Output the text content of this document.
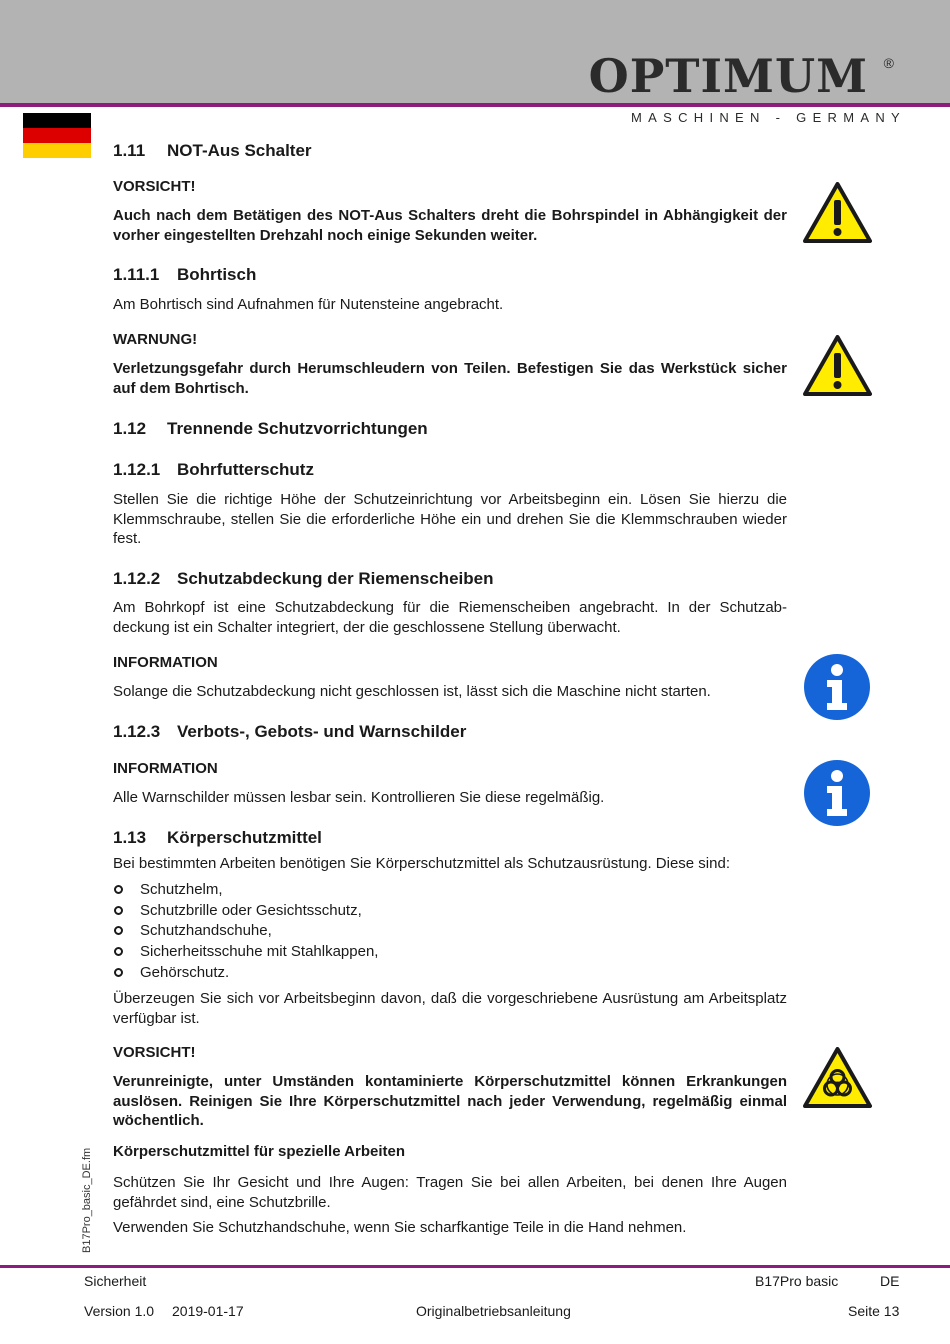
OPTIMUM ®
MASCHINEN - GERMANY
1.11 NOT-Aus Schalter
VORSICHT!
Auch nach dem Betätigen des NOT-Aus Schalters dreht die Bohrspindel in Abhängigkeit der vorher eingestellten Drehzahl noch einige Sekunden weiter.
1.11.1 Bohrtisch
Am Bohrtisch sind Aufnahmen für Nutensteine angebracht.
WARNUNG!
Verletzungsgefahr durch Herumschleudern von Teilen. Befestigen Sie das Werkstück sicher auf dem Bohrtisch.
1.12 Trennende Schutzvorrichtungen
1.12.1 Bohrfutterschutz
Stellen Sie die richtige Höhe der Schutzeinrichtung vor Arbeitsbeginn ein. Lösen Sie hierzu die Klemmschraube, stellen Sie die erforderliche Höhe ein und drehen Sie die Klemmschrauben wieder fest.
1.12.2 Schutzabdeckung der Riemenscheiben
Am Bohrkopf ist eine Schutzabdeckung für die Riemenscheiben angebracht. In der Schutzab-deckung ist ein Schalter integriert, der die geschlossene Stellung überwacht.
INFORMATION
Solange die Schutzabdeckung nicht geschlossen ist, lässt sich die Maschine nicht starten.
1.12.3 Verbots-, Gebots- und Warnschilder
INFORMATION
Alle Warnschilder müssen lesbar sein. Kontrollieren Sie diese regelmäßig.
1.13 Körperschutzmittel
Bei bestimmten Arbeiten benötigen Sie Körperschutzmittel als Schutzausrüstung. Diese sind:
Schutzhelm,
Schutzbrille oder Gesichtsschutz,
Schutzhandschuhe,
Sicherheitsschuhe mit Stahlkappen,
Gehörschutz.
Überzeugen Sie sich vor Arbeitsbeginn davon, daß die vorgeschriebene Ausrüstung am Arbeitsplatz verfügbar ist.
VORSICHT!
Verunreinigte, unter Umständen kontaminierte Körperschutzmittel können Erkrankungen auslösen. Reinigen Sie Ihre Körperschutzmittel nach jeder Verwendung, regelmäßig einmal wöchentlich.
Körperschutzmittel für spezielle Arbeiten
Schützen Sie Ihr Gesicht und Ihre Augen: Tragen Sie bei allen Arbeiten, bei denen Ihre Augen gefährdet sind, eine Schutzbrille.
Verwenden Sie Schutzhandschuhe, wenn Sie scharfkantige Teile in die Hand nehmen.
B17Pro_basic_DE.fm
Sicherheit	B17Pro basic	DE
Version 1.0 2019-01-17	Originalbetriebsanleitung	Seite 13
